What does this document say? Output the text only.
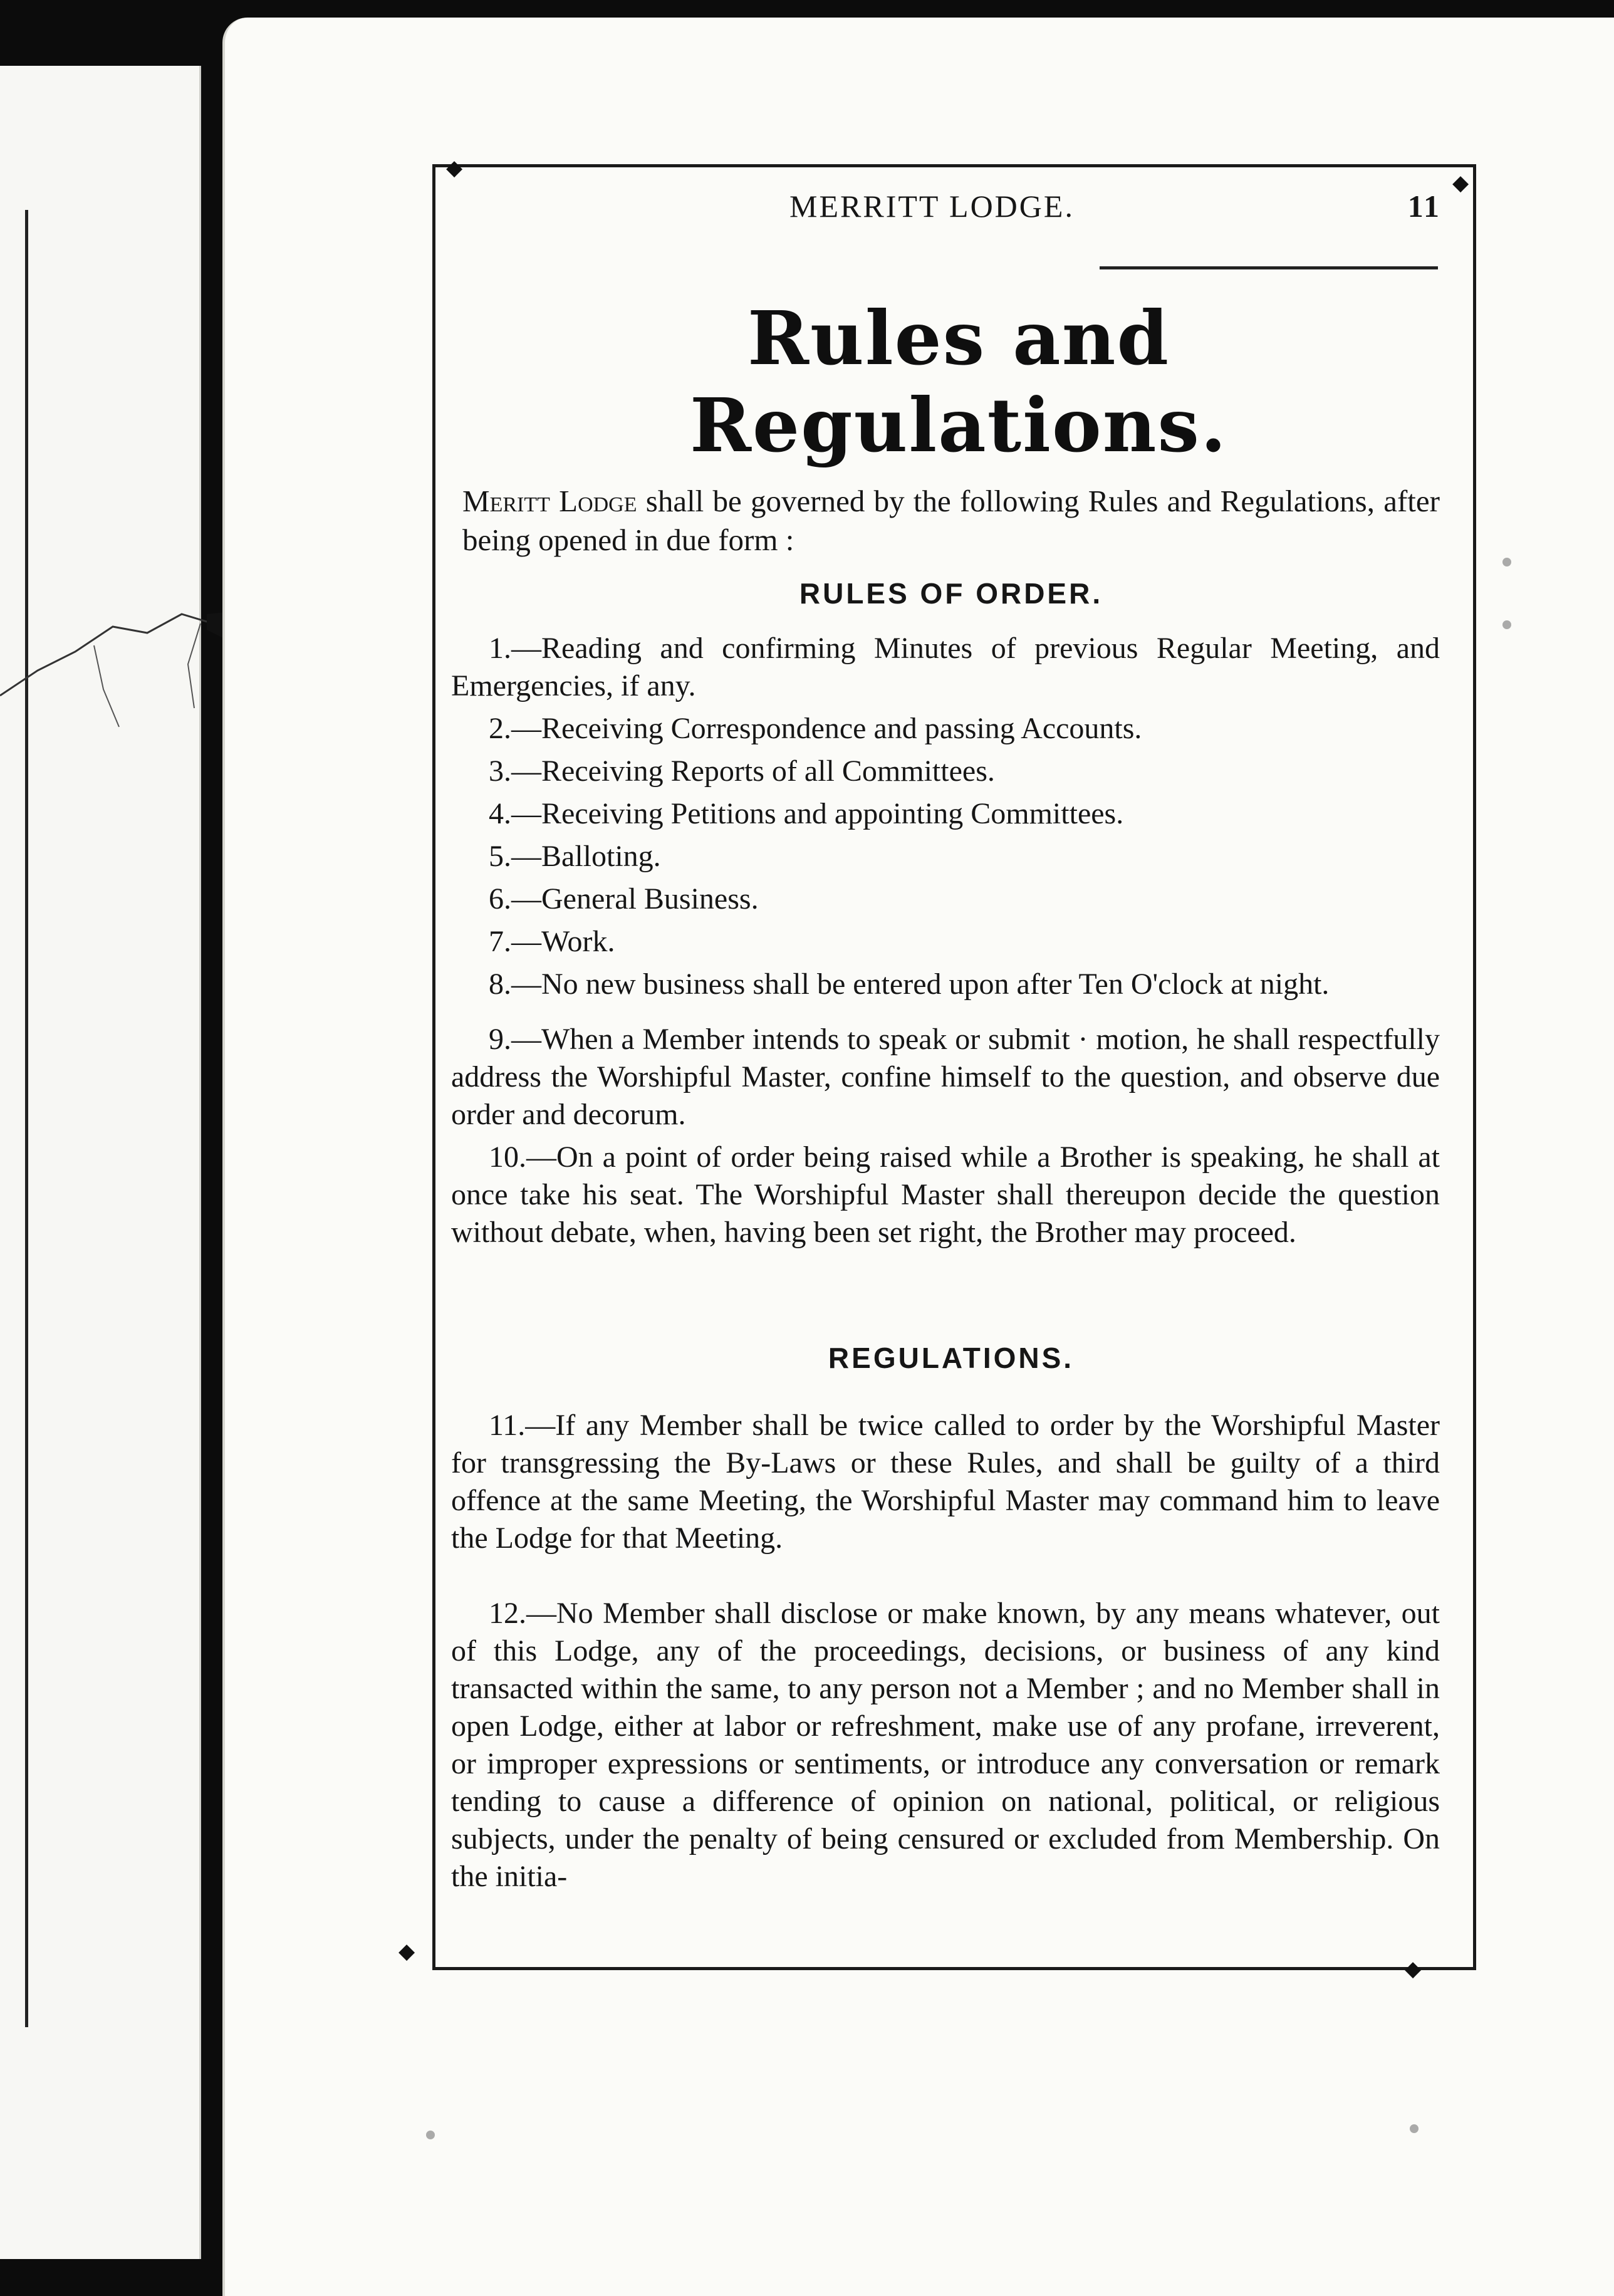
◆
◆
◆
◆
MERRITT LODGE.	11
Rules and Regulations.

Meritt Lodge shall be governed by the following Rules and Regulations, after being opened in due form :

RULES OF ORDER.

1.—Reading and confirming Minutes of previous Regular Meeting, and Emergencies, if any.

2.—Receiving Correspondence and passing Accounts.

3.—Receiving Reports of all Committees.

4.—Receiving Petitions and appointing Committees.

5.—Balloting.

6.—General Business.

7.—Work.

8.—No new business shall be entered upon after Ten O'clock at night.

9.—When a Member intends to speak or submit · motion, he shall respectfully address the Worshipful Master, confine himself to the question, and observe due order and decorum.

10.—On a point of order being raised while a Brother is speaking, he shall at once take his seat. The Worshipful Master shall thereupon decide the question without debate, when, having been set right, the Brother may proceed.

REGULATIONS.

11.—If any Member shall be twice called to order by the Worshipful Master for transgressing the By-Laws or these Rules, and shall be guilty of a third offence at the same Meeting, the Worshipful Master may command him to leave the Lodge for that Meeting.

12.—No Member shall disclose or make known, by any means whatever, out of this Lodge, any of the proceedings, decisions, or business of any kind transacted within the same, to any person not a Member ; and no Member shall in open Lodge, either at labor or refreshment, make use of any profane, irreverent, or improper expressions or sentiments, or introduce any conversation or remark tending to cause a difference of opinion on national, political, or religious subjects, under the penalty of being censured or excluded from Membership. On the initia-
